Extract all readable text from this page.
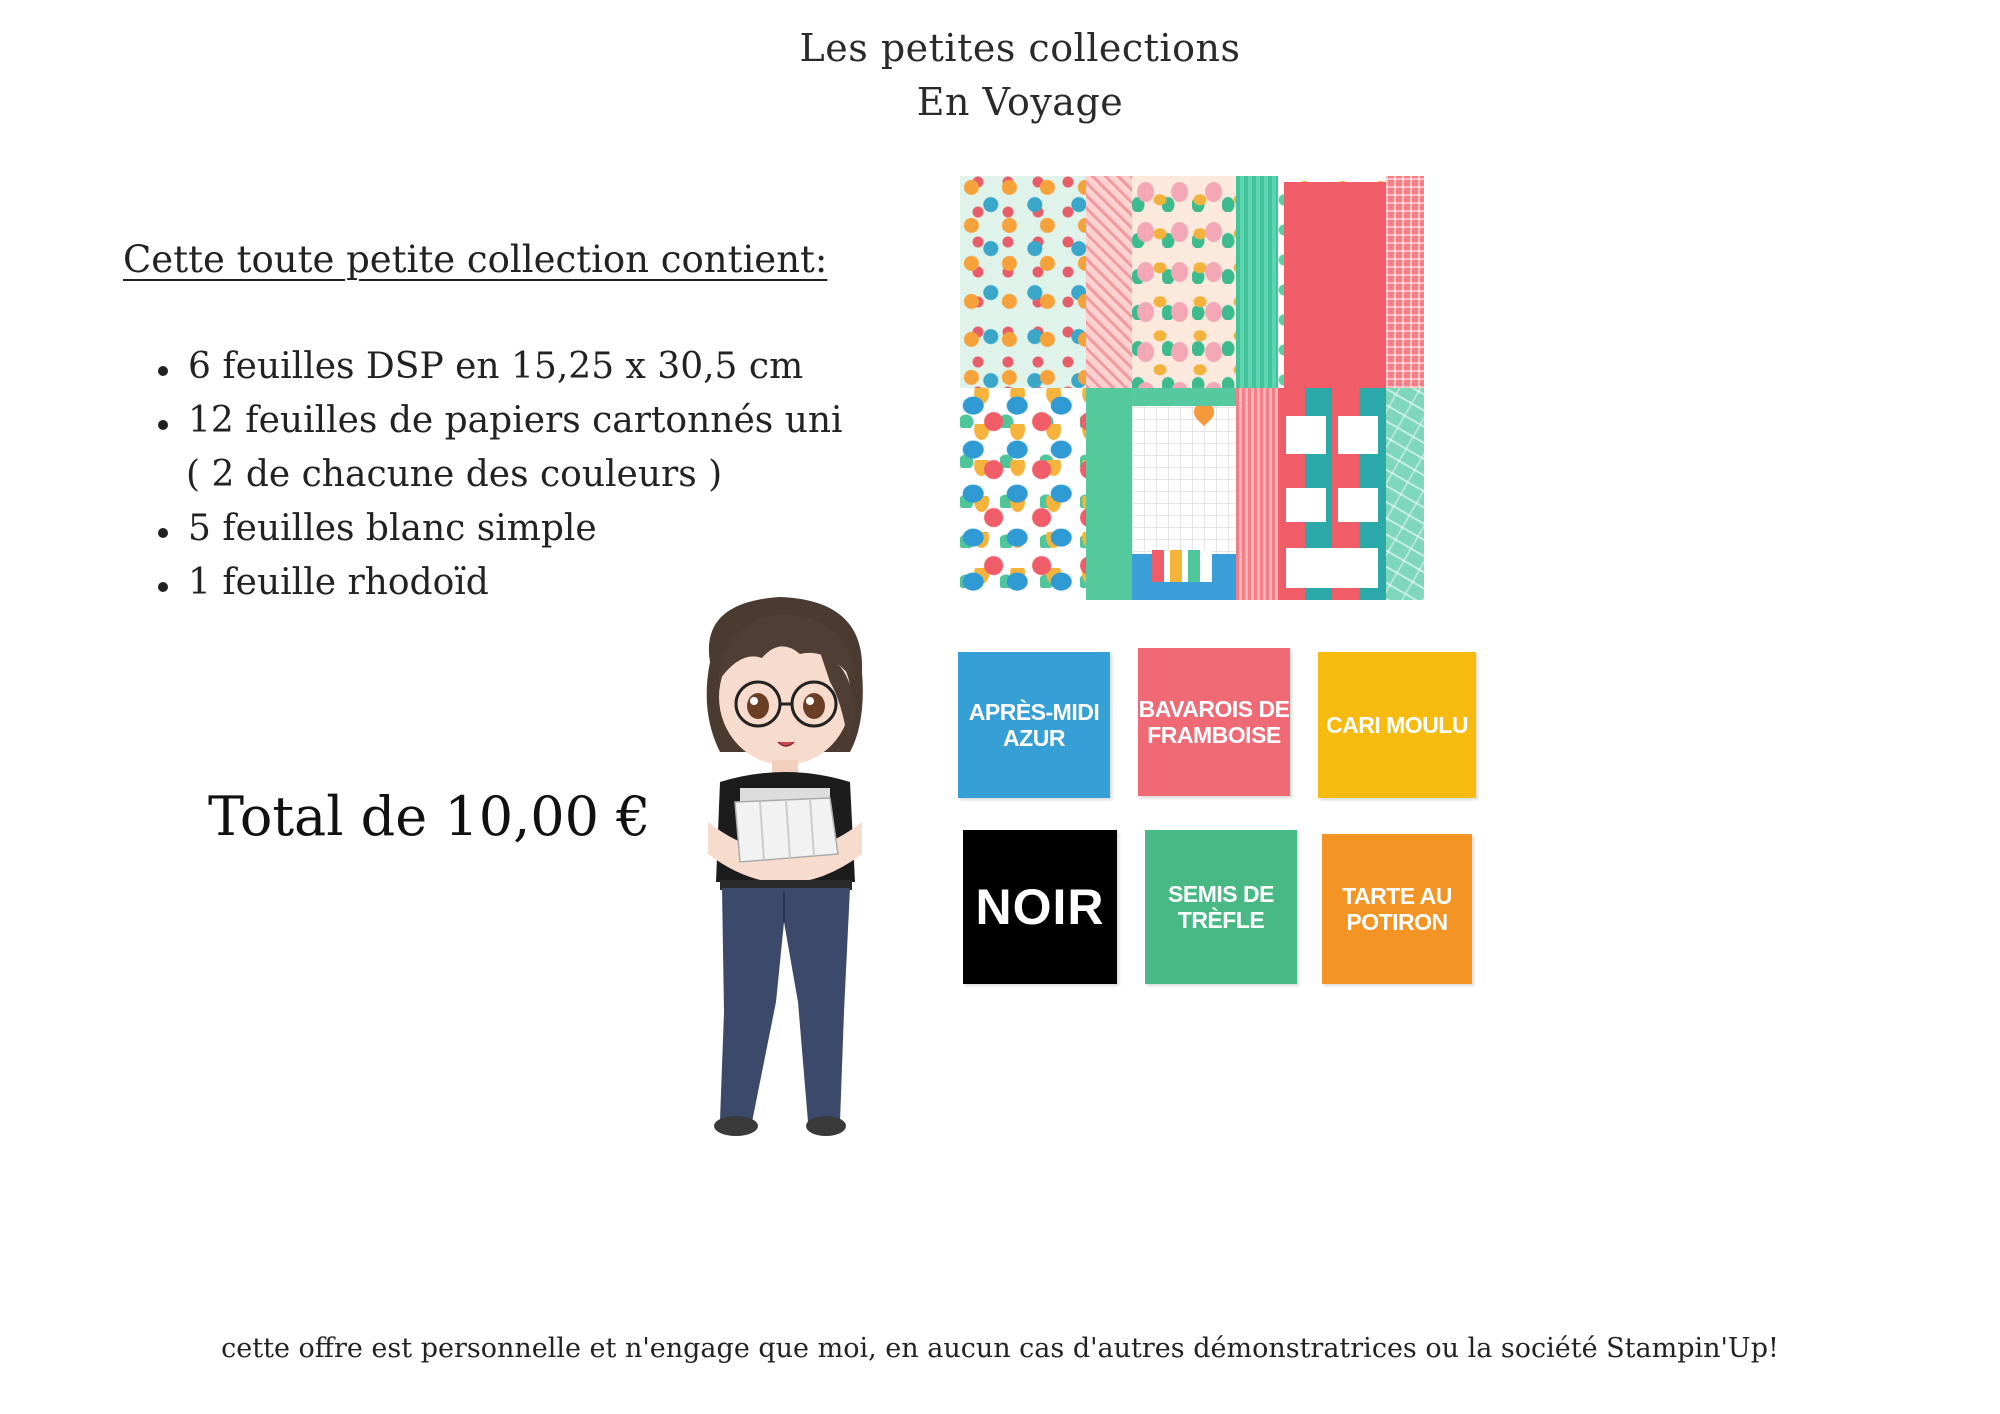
Les petites collections
En Voyage
Cette toute petite collection contient:
6 feuilles DSP en 15,25 x 30,5 cm
12 feuilles de papiers cartonnés uni
( 2 de chacune des couleurs )
5 feuilles blanc simple
1 feuille rhodoïd
Total de 10,00 €
APRÈS-MIDI AZUR
BAVAROIS DE FRAMBOISE	CARI MOULU
NOIR	SEMIS DE TRÈFLE
TARTE AU POTIRON
cette offre est personnelle et n'engage que moi, en aucun cas d'autres démonstratrices ou la société Stampin'Up!
